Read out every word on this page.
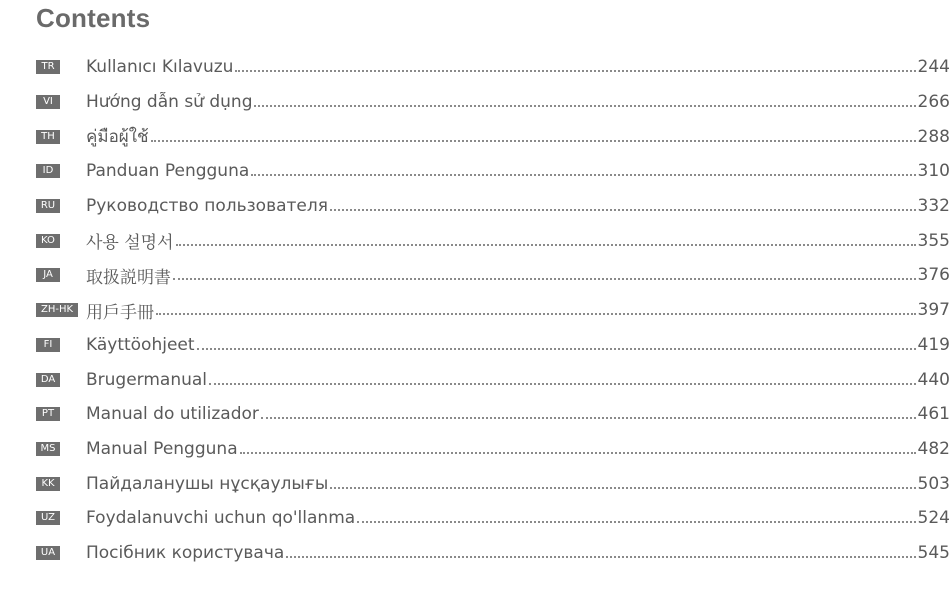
Contents
TR	Kullanıcı Kılavuzu	244
VI	Hướng dẫn sử dụng	266
TH	คู่มือผู้ใช้	288
ID	Panduan Pengguna	310
RU Руководство пользователя	332
KO 사용 설명서	355
JA	取扱説明書	376
ZH-HK 用戶手冊	397
FI	Käyttöohjeet	419
DA Brugermanual	440
PT	Manual do utilizador	461
MS Manual Pengguna	482
KK	Пайдаланушы нұсқаулығы	503
UZ Foydalanuvchi uchun qo'llanma	524
UA Посібник користувача	545
